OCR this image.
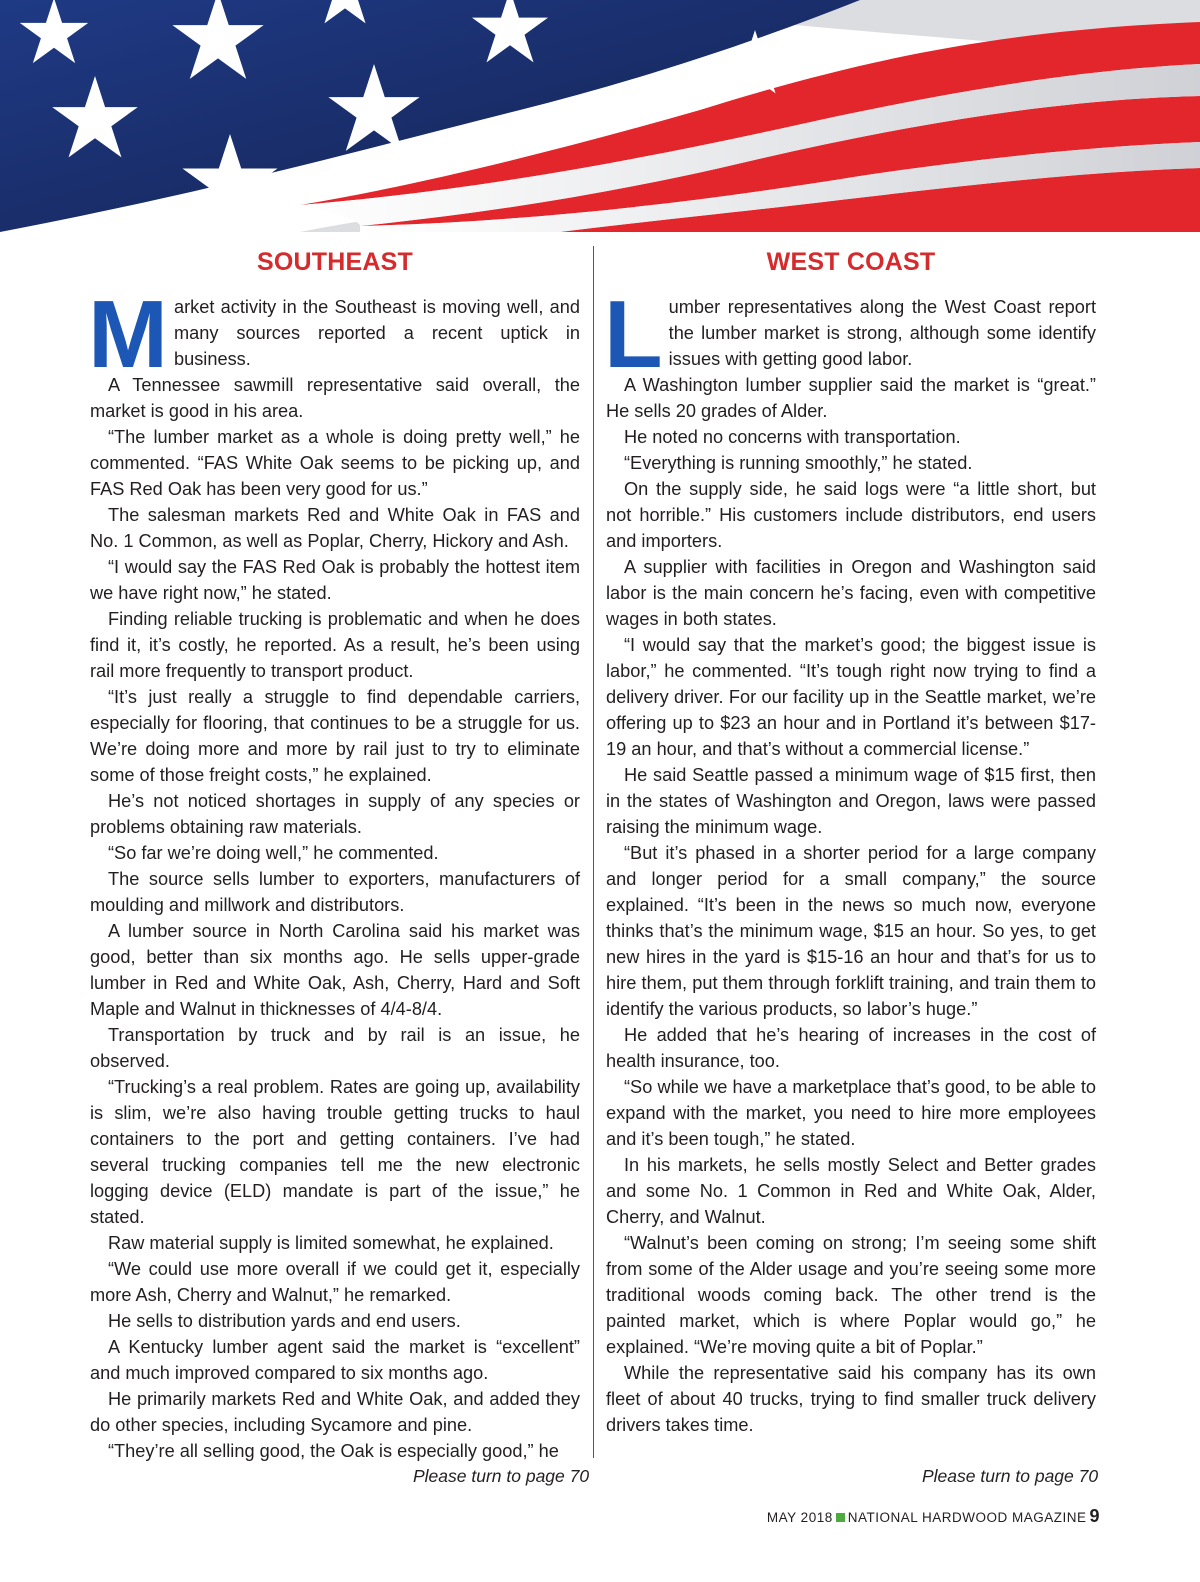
SOUTHEAST

Market activity in the Southeast is moving well, and many sources reported a recent uptick in business.

A Tennessee sawmill representative said overall, the market is good in his area.

“The lumber market as a whole is doing pretty well,” he commented. “FAS White Oak seems to be picking up, and FAS Red Oak has been very good for us.”

The salesman markets Red and White Oak in FAS and No. 1 Common, as well as Poplar, Cherry, Hickory and Ash.

“I would say the FAS Red Oak is probably the hottest item we have right now,” he stated.

Finding reliable trucking is problematic and when he does find it, it’s costly, he reported. As a result, he’s been using rail more frequently to transport product.

“It’s just really a struggle to find dependable carriers, especially for flooring, that continues to be a struggle for us. We’re doing more and more by rail just to try to eliminate some of those freight costs,” he explained.

He’s not noticed shortages in supply of any species or problems obtaining raw materials.

“So far we’re doing well,” he commented.

The source sells lumber to exporters, manufacturers of moulding and millwork and distributors.

A lumber source in North Carolina said his market was good, better than six months ago. He sells upper-grade lumber in Red and White Oak, Ash, Cherry, Hard and Soft Maple and Walnut in thicknesses of 4/4-8/4.

Transportation by truck and by rail is an issue, he observed.

“Trucking’s a real problem. Rates are going up, availability is slim, we’re also having trouble getting trucks to haul containers to the port and getting containers. I’ve had several trucking companies tell me the new electronic logging device (ELD) mandate is part of the issue,” he stated.

Raw material supply is limited somewhat, he explained.

“We could use more overall if we could get it, especially more Ash, Cherry and Walnut,” he remarked.

He sells to distribution yards and end users.

A Kentucky lumber agent said the market is “excellent” and much improved compared to six months ago.

He primarily markets Red and White Oak, and added they do other species, including Sycamore and pine.

“They’re all selling good, the Oak is especially good,” he

WEST COAST

Lumber representatives along the West Coast report the lumber market is strong, although some identify issues with getting good labor.

A Washington lumber supplier said the market is “great.” He sells 20 grades of Alder.

He noted no concerns with transportation.

“Everything is running smoothly,” he stated.

On the supply side, he said logs were “a little short, but not horrible.” His customers include distributors, end users and importers.

A supplier with facilities in Oregon and Washington said labor is the main concern he’s facing, even with competitive wages in both states.

“I would say that the market’s good; the biggest issue is labor,” he commented. “It’s tough right now trying to find a delivery driver. For our facility up in the Seattle market, we’re offering up to $23 an hour and in Portland it’s between $17-19 an hour, and that’s without a commercial license.”

He said Seattle passed a minimum wage of $15 first, then in the states of Washington and Oregon, laws were passed raising the minimum wage.

“But it’s phased in a shorter period for a large company and longer period for a small company,” the source explained. “It’s been in the news so much now, everyone thinks that’s the minimum wage, $15 an hour. So yes, to get new hires in the yard is $15-16 an hour and that’s for us to hire them, put them through forklift training, and train them to identify the various products, so labor’s huge.”

He added that he’s hearing of increases in the cost of health insurance, too.

“So while we have a marketplace that’s good, to be able to expand with the market, you need to hire more employees and it’s been tough,” he stated.

In his markets, he sells mostly Select and Better grades and some No. 1 Common in Red and White Oak, Alder, Cherry, and Walnut.

“Walnut’s been coming on strong; I’m seeing some shift from some of the Alder usage and you’re seeing some more traditional woods coming back. The other trend is the painted market, which is where Poplar would go,” he explained. “We’re moving quite a bit of Poplar.”

While the representative said his company has its own fleet of about 40 trucks, trying to find smaller truck delivery drivers takes time.

Please turn to page 70	Please turn to page 70
MAY 2018 NATIONAL HARDWOOD MAGAZINE 9
